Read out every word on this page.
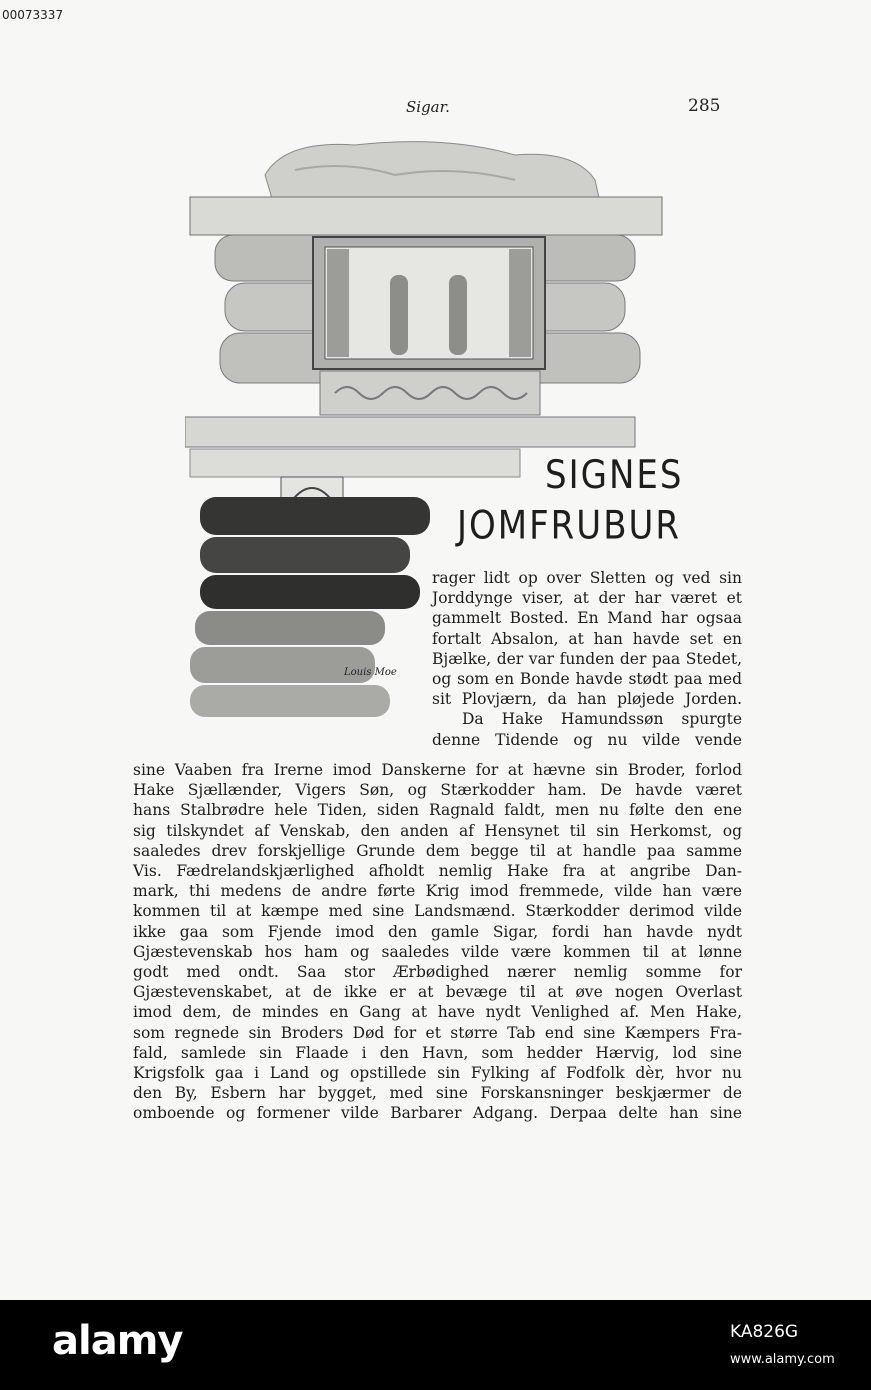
00073337
Sigar.	285
SIGNES
JOMFRUBUR
Louis Moe
rager lidt op over Sletten og ved sin
Jorddynge viser, at der har været et
gammelt Bosted. En Mand har ogsaa
fortalt Absalon, at han havde set en
Bjælke, der var funden der paa Stedet,
og som en Bonde havde stødt paa med
sit Plovjærn, da han pløjede Jorden.
Da Hake Hamundssøn spurgte
denne Tidende og nu vilde vende
sine Vaaben fra Irerne imod Danskerne for at hævne sin Broder, forlod
Hake Sjællænder, Vigers Søn, og Stærkodder ham. De havde været
hans Stalbrødre hele Tiden, siden Ragnald faldt, men nu følte den ene
sig tilskyndet af Venskab, den anden af Hensynet til sin Herkomst, og
saaledes drev forskjellige Grunde dem begge til at handle paa samme
Vis. Fædrelandskjærlighed afholdt nemlig Hake fra at angribe Dan-
mark, thi medens de andre førte Krig imod fremmede, vilde han være
kommen til at kæmpe med sine Landsmænd. Stærkodder derimod vilde
ikke gaa som Fjende imod den gamle Sigar, fordi han havde nydt
Gjæstevenskab hos ham og saaledes vilde være kommen til at lønne
godt med ondt. Saa stor Ærbødighed nærer nemlig somme for
Gjæstevenskabet, at de ikke er at bevæge til at øve nogen Overlast
imod dem, de mindes en Gang at have nydt Venlighed af. Men Hake,
som regnede sin Broders Død for et større Tab end sine Kæmpers Fra-
fald, samlede sin Flaade i den Havn, som hedder Hærvig, lod sine
Krigsfolk gaa i Land og opstillede sin Fylking af Fodfolk dèr, hvor nu
den By, Esbern har bygget, med sine Forskansninger beskjærmer de
omboende og formener vilde Barbarer Adgang. Derpaa delte han sine
alamy	KA826G
www.alamy.com
